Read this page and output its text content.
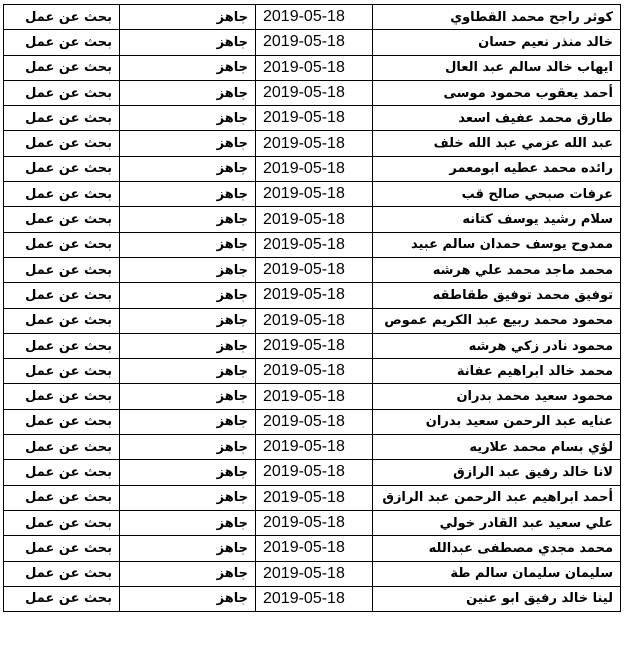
كوثر راجح محمد القطاوي	2019-05-18	جاهز	بحث عن عمل
خالد منذر نعيم حسان	2019-05-18	جاهز	بحث عن عمل
ايهاب خالد سالم عبد العال	2019-05-18	جاهز	بحث عن عمل
أحمد يعقوب محمود موسى	2019-05-18	جاهز	بحث عن عمل
طارق محمد عفيف اسعد	2019-05-18	جاهز	بحث عن عمل
عبد الله عزمي عبد الله خلف	2019-05-18	جاهز	بحث عن عمل
رائده محمد عطيه ابومعمر	2019-05-18	جاهز	بحث عن عمل
عرفات صبحي صالح قب	2019-05-18	جاهز	بحث عن عمل
سلام رشيد يوسف كتانه	2019-05-18	جاهز	بحث عن عمل
ممدوح يوسف حمدان سالم عبيد	2019-05-18	جاهز	بحث عن عمل
محمد ماجد محمد علي هرشه	2019-05-18	جاهز	بحث عن عمل
توفيق محمد توفيق طقاطقه	2019-05-18	جاهز	بحث عن عمل
محمود محمد ربيع عبد الكريم عموص	2019-05-18	جاهز	بحث عن عمل
محمود نادر زكي هرشه	2019-05-18	جاهز	بحث عن عمل
محمد خالد ابراهيم عفانة	2019-05-18	جاهز	بحث عن عمل
محمود سعيد محمد بدران	2019-05-18	جاهز	بحث عن عمل
عنايه عبد الرحمن سعيد بدران	2019-05-18	جاهز	بحث عن عمل
لؤي بسام محمد علاريه	2019-05-18	جاهز	بحث عن عمل
لانا خالد رفيق عبد الرازق	2019-05-18	جاهز	بحث عن عمل
أحمد ابراهيم عبد الرحمن عبد الرازق	2019-05-18	جاهز	بحث عن عمل
علي سعيد عبد القادر خولي	2019-05-18	جاهز	بحث عن عمل
محمد مجدي مصطفى عبدالله	2019-05-18	جاهز	بحث عن عمل
سليمان سليمان سالم طة	2019-05-18	جاهز	بحث عن عمل
لينا خالد رفيق ابو عنين	2019-05-18	جاهز	بحث عن عمل
